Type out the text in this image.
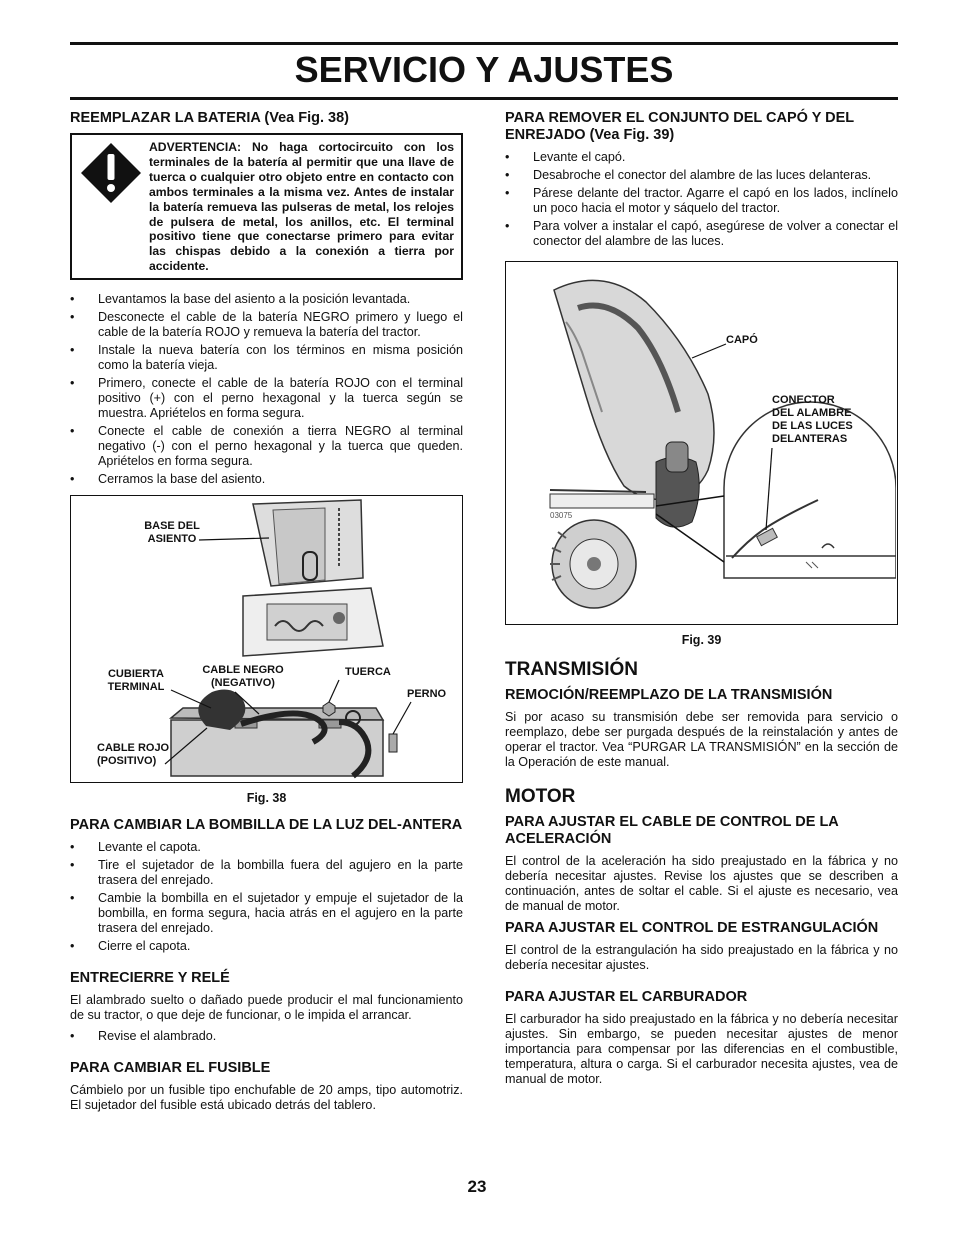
SERVICIO Y AJUSTES
REEMPLAZAR LA BATERIA (Vea Fig. 38)
ADVERTENCIA: No haga cortocircuito con los terminales de la batería al permitir que una llave de tuerca o cualquier otro objeto entre en contacto con ambos terminales a la misma vez. Antes de instalar la batería remueva las pulseras de metal, los relojes de pulsera de metal, los anillos, etc. El terminal positivo tiene que conectarse primero para evitar las chispas debido a la conexión a tierra por accidente.
• Levantamos la base del asiento a la posición levantada.
• Desconecte el cable de la batería NEGRO primero y luego el cable de la batería ROJO y remueva la batería del tractor.
• Instale la nueva batería con los términos en misma posición como la batería vieja.
• Primero, conecte el cable de la batería ROJO con el terminal positivo (+) con el perno hexagonal y la tuerca según se muestra. Apriételos en forma segura.
• Conecte el cable de conexión a tierra NEGRO al terminal negativo (-) con el perno hexagonal y la tuerca que queden. Apriételos en forma segura.
• Cerramos la base del asiento.
BASE DEL
ASIENTO
CUBIERTA
TERMINAL
CABLE NEGRO
(NEGATIVO)
TUERCA
PERNO
CABLE ROJO
(POSITIVO)
Fig. 38
PARA CAMBIAR LA BOMBILLA DE LA LUZ DEL-ANTERA
• Levante el capota.
• Tire el sujetador de la bombilla fuera del agujero en la parte trasera del enrejado.
• Cambie la bombilla en el sujetador y empuje el sujetador de la bombilla, en forma segura, hacia atrás en el agujero en la parte trasera del enrejado.
• Cierre el capota.
ENTRECIERRE Y RELÉ

El alambrado suelto o dañado puede producir el mal funcionamiento de su tractor, o que deje de funcionar, o le impida el arrancar.

• Revise el alambrado.
PARA CAMBIAR EL FUSIBLE

Cámbielo por un fusible tipo enchufable de 20 amps, tipo automotriz. El sujetador del fusible está ubicado detrás del tablero.

PARA REMOVER EL CONJUNTO DEL CAPÓ Y DEL ENREJADO (Vea Fig. 39)
• Levante el capó.
• Desabroche el conector del alambre de las luces delanteras.
• Párese delante del tractor. Agarre el capó en los lados, inclínelo un poco hacia el motor y sáquelo del tractor.
• Para volver a instalar el capó, asegúrese de volver a conectar el conector del alambre de las luces.
CAPÓ
CONECTOR
DEL ALAMBRE
DE LAS LUCES
DELANTERAS
03075
Fig. 39
TRANSMISIÓN
REMOCIÓN/REEMPLAZO DE LA TRANSMISIÓN

Si por acaso su transmisión debe ser removida para servicio o reemplazo, debe ser purgada después de la reinstalación y antes de operar el tractor. Vea “PURGAR LA TRANSMISIÓN” en la sección de la Operación de este manual.

MOTOR
PARA AJUSTAR EL CABLE DE CONTROL DE LA ACELERACIÓN

El control de la aceleración ha sido preajustado en la fábrica y no debería necesitar ajustes. Revise los ajustes que se describen a continuación, antes de soltar el cable. Si el ajuste es necesario, vea de manual de motor.

PARA AJUSTAR EL CONTROL DE ESTRANGULACIÓN

El control de la estrangulación ha sido preajustado en la fábrica y no debería necesitar ajustes.

PARA AJUSTAR EL CARBURADOR

El carburador ha sido preajustado en la fábrica y no debería necesitar ajustes. Sin embargo, se pueden necesitar ajustes de menor importancia para compensar por las diferencias en el combustible, temperatura, altura o carga. Si el carburador necesita ajustes, vea de manual de motor.

23
